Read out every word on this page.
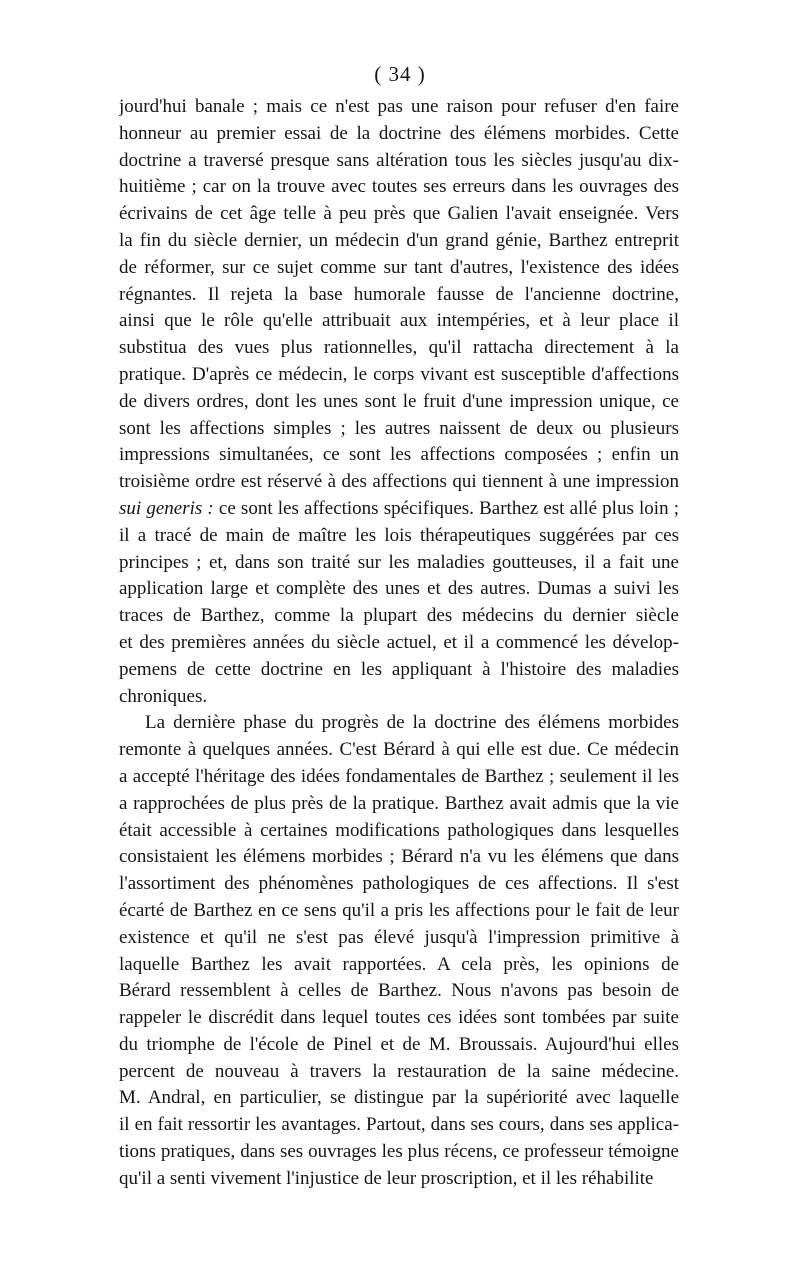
( 34 )
jourd'hui banale ; mais ce n'est pas une raison pour refuser d'en faire
honneur au premier essai de la doctrine des élémens morbides. Cette
doctrine a traversé presque sans altération tous les siècles jusqu'au dix-
huitième ; car on la trouve avec toutes ses erreurs dans les ouvrages des
écrivains de cet âge telle à peu près que Galien l'avait enseignée. Vers
la fin du siècle dernier, un médecin d'un grand génie, Barthez entreprit
de réformer, sur ce sujet comme sur tant d'autres, l'existence des idées
régnantes. Il rejeta la base humorale fausse de l'ancienne doctrine,
ainsi que le rôle qu'elle attribuait aux intempéries, et à leur place il
substitua des vues plus rationnelles, qu'il rattacha directement à la
pratique. D'après ce médecin, le corps vivant est susceptible d'affections
de divers ordres, dont les unes sont le fruit d'une impression unique, ce
sont les affections simples ; les autres naissent de deux ou plusieurs
impressions simultanées, ce sont les affections composées ; enfin un
troisième ordre est réservé à des affections qui tiennent à une impression
sui generis : ce sont les affections spécifiques. Barthez est allé plus loin ;
il a tracé de main de maître les lois thérapeutiques suggérées par ces
principes ; et, dans son traité sur les maladies goutteuses, il a fait une
application large et complète des unes et des autres. Dumas a suivi les
traces de Barthez, comme la plupart des médecins du dernier siècle
et des premières années du siècle actuel, et il a commencé les dévelop-
pemens de cette doctrine en les appliquant à l'histoire des maladies
chroniques.
La dernière phase du progrès de la doctrine des élémens morbides
remonte à quelques années. C'est Bérard à qui elle est due. Ce médecin
a accepté l'héritage des idées fondamentales de Barthez ; seulement il les
a rapprochées de plus près de la pratique. Barthez avait admis que la vie
était accessible à certaines modifications pathologiques dans lesquelles
consistaient les élémens morbides ; Bérard n'a vu les élémens que dans
l'assortiment des phénomènes pathologiques de ces affections. Il s'est
écarté de Barthez en ce sens qu'il a pris les affections pour le fait de leur
existence et qu'il ne s'est pas élevé jusqu'à l'impression primitive à
laquelle Barthez les avait rapportées. A cela près, les opinions de
Bérard ressemblent à celles de Barthez. Nous n'avons pas besoin de
rappeler le discrédit dans lequel toutes ces idées sont tombées par suite
du triomphe de l'école de Pinel et de M. Broussais. Aujourd'hui elles
percent de nouveau à travers la restauration de la saine médecine.
M. Andral, en particulier, se distingue par la supériorité avec laquelle
il en fait ressortir les avantages. Partout, dans ses cours, dans ses applica-
tions pratiques, dans ses ouvrages les plus récens, ce professeur témoigne
qu'il a senti vivement l'injustice de leur proscription, et il les réhabilite
